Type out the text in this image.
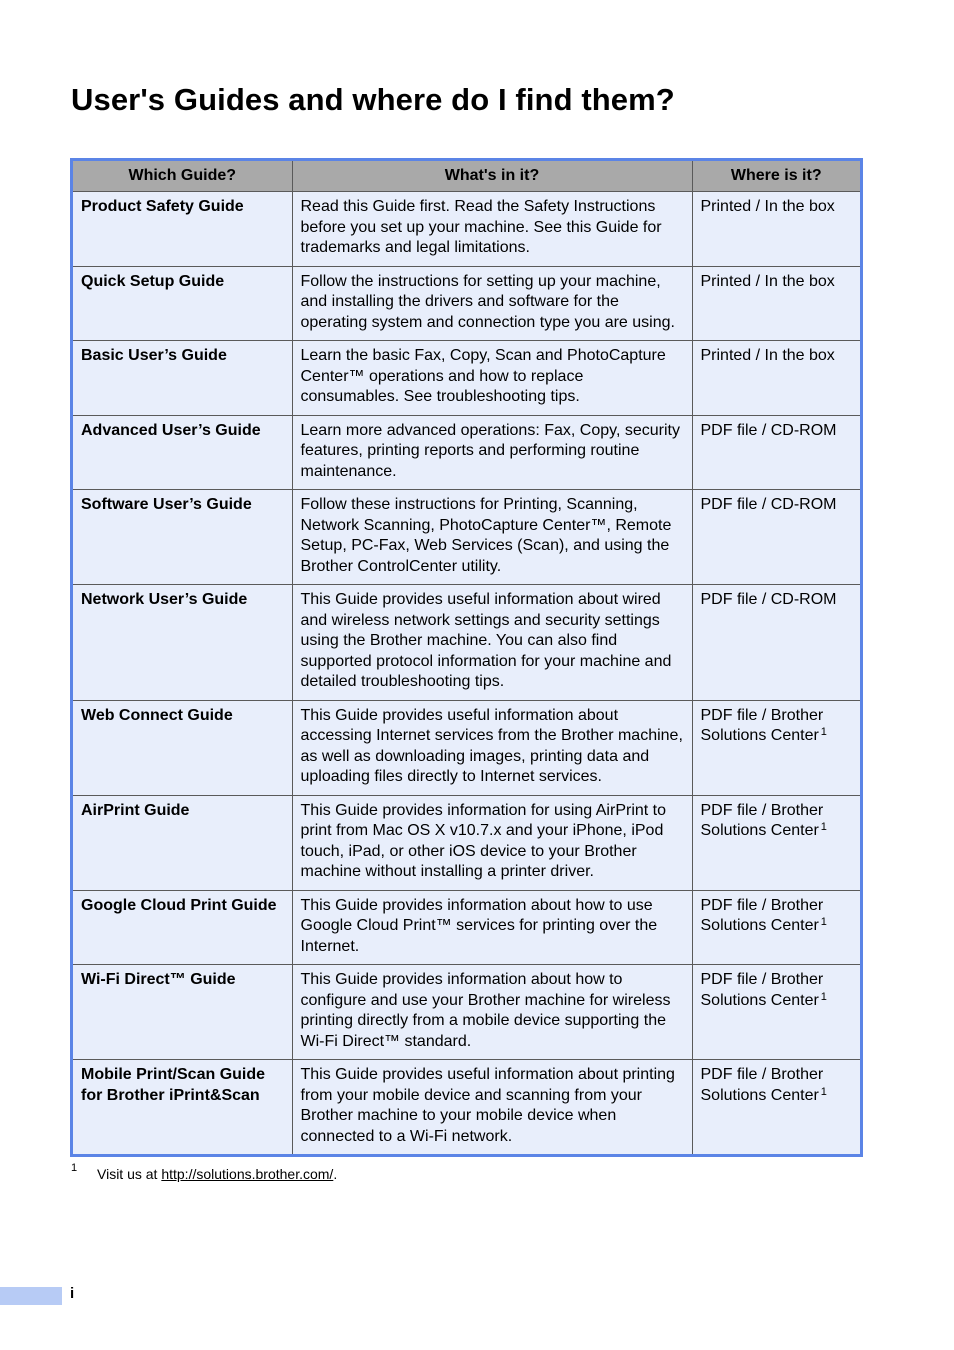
User's Guides and where do I find them?
Which Guide?	What's in it?	Where is it?
Product Safety Guide	Read this Guide first. Read the Safety Instructions before you set up your machine. See this Guide for trademarks and legal limitations.	Printed / In the box
Quick Setup Guide	Follow the instructions for setting up your machine, and installing the drivers and software for the operating system and connection type you are using.	Printed / In the box
Basic User’s Guide	Learn the basic Fax, Copy, Scan and PhotoCapture Center™ operations and how to replace consumables. See troubleshooting tips.	Printed / In the box
Advanced User’s Guide	Learn more advanced operations: Fax, Copy, security features, printing reports and performing routine maintenance.	PDF file / CD-ROM
Software User’s Guide	Follow these instructions for Printing, Scanning, Network Scanning, PhotoCapture Center™, Remote Setup, PC-Fax, Web Services (Scan), and using the Brother ControlCenter utility.	PDF file / CD-ROM
Network User’s Guide	This Guide provides useful information about wired and wireless network settings and security settings using the Brother machine. You can also find supported protocol information for your machine and detailed troubleshooting tips.	PDF file / CD-ROM
Web Connect Guide	This Guide provides useful information about accessing Internet services from the Brother machine, as well as downloading images, printing data and uploading files directly to Internet services.	PDF file / Brother Solutions Center $^1$
AirPrint Guide	This Guide provides information for using AirPrint to print from Mac OS X v10.7.x and your iPhone, iPod touch, iPad, or other iOS device to your Brother machine without installing a printer driver.	PDF file / Brother Solutions Center $^1$
Google Cloud Print Guide	This Guide provides information about how to use Google Cloud Print™ services for printing over the Internet.	PDF file / Brother Solutions Center $^1$
Wi-Fi Direct™ Guide	This Guide provides information about how to configure and use your Brother machine for wireless printing directly from a mobile device supporting the Wi-Fi Direct™ standard.	PDF file / Brother Solutions Center $^1$
Mobile Print/Scan Guide for Brother iPrint&Scan	This Guide provides useful information about printing from your mobile device and scanning from your Brother machine to your mobile device when connected to a Wi-Fi network.	PDF file / Brother Solutions Center $^1$
1 Visit us at http://solutions.brother.com/.
i
